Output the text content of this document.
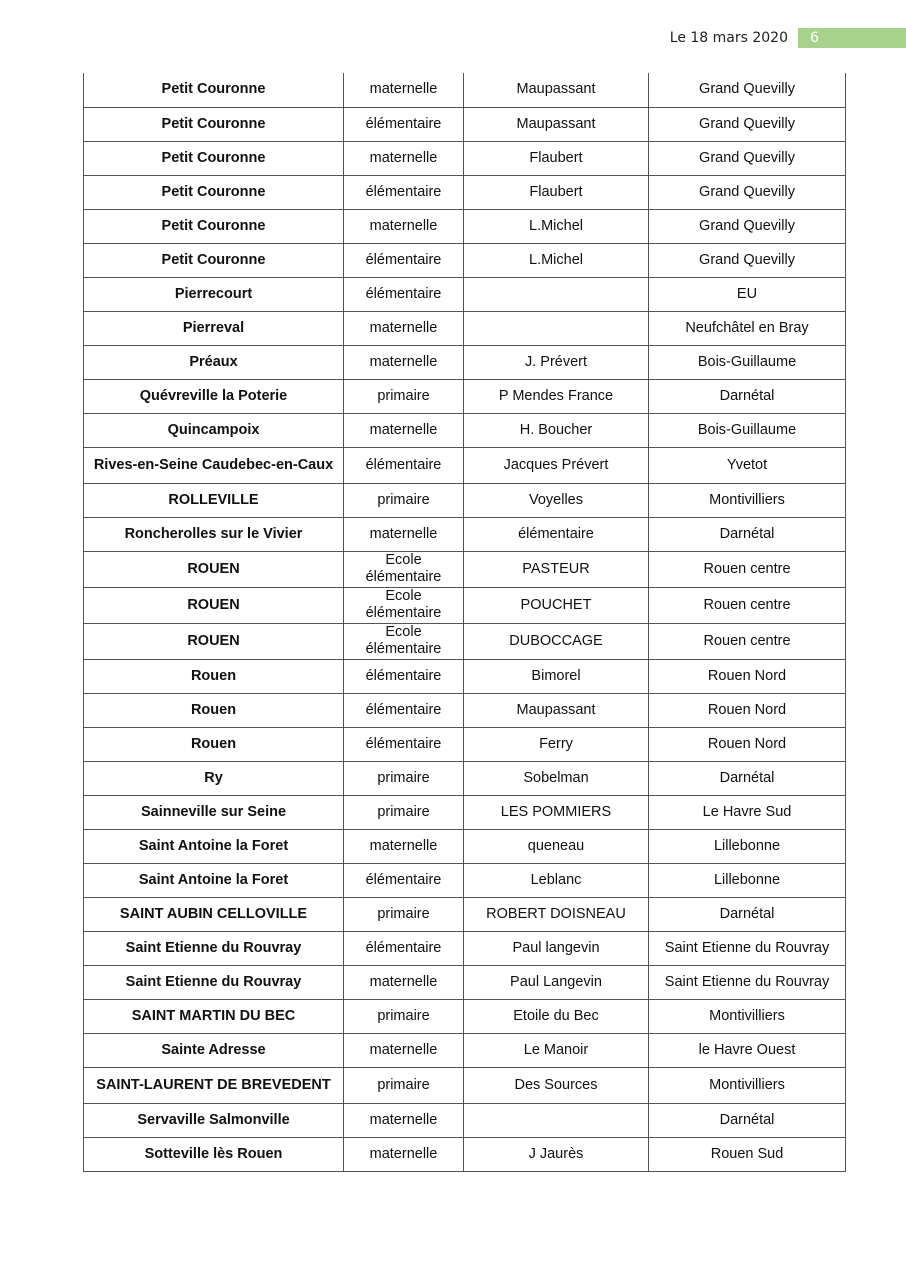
Le 18 mars 2020	6
Petit Couronne	maternelle	Maupassant	Grand Quevilly
Petit Couronne	élémentaire	Maupassant	Grand Quevilly
Petit Couronne	maternelle	Flaubert	Grand Quevilly
Petit Couronne	élémentaire	Flaubert	Grand Quevilly
Petit Couronne	maternelle	L.Michel	Grand Quevilly
Petit Couronne	élémentaire	L.Michel	Grand Quevilly
Pierrecourt	élémentaire		EU
Pierreval	maternelle		Neufchâtel en Bray
Préaux	maternelle	J. Prévert	Bois-Guillaume
Quévreville la Poterie	primaire	P Mendes France	Darnétal
Quincampoix	maternelle	H. Boucher	Bois-Guillaume
Rives-en-Seine Caudebec-en-Caux	élémentaire	Jacques Prévert	Yvetot
ROLLEVILLE	primaire	Voyelles	Montivilliers
Roncherolles sur le Vivier	maternelle	élémentaire	Darnétal
ROUEN	Ecole élémentaire	PASTEUR	Rouen centre
ROUEN	Ecole élémentaire	POUCHET	Rouen centre
ROUEN	Ecole élémentaire	DUBOCCAGE	Rouen centre
Rouen	élémentaire	Bimorel	Rouen Nord
Rouen	élémentaire	Maupassant	Rouen Nord
Rouen	élémentaire	Ferry	Rouen Nord
Ry	primaire	Sobelman	Darnétal
Sainneville sur Seine	primaire	LES POMMIERS	Le Havre Sud
Saint Antoine la Foret	maternelle	queneau	Lillebonne
Saint Antoine la Foret	élémentaire	Leblanc	Lillebonne
SAINT AUBIN CELLOVILLE	primaire	ROBERT DOISNEAU	Darnétal
Saint Etienne du Rouvray	élémentaire	Paul langevin	Saint Etienne du Rouvray
Saint Etienne du Rouvray	maternelle	Paul Langevin	Saint Etienne du Rouvray
SAINT MARTIN DU BEC	primaire	Etoile du Bec	Montivilliers
Sainte Adresse	maternelle	Le Manoir	le Havre Ouest
SAINT-LAURENT DE BREVEDENT	primaire	Des Sources	Montivilliers
Servaville Salmonville	maternelle		Darnétal
Sotteville lès Rouen	maternelle	J Jaurès	Rouen Sud
